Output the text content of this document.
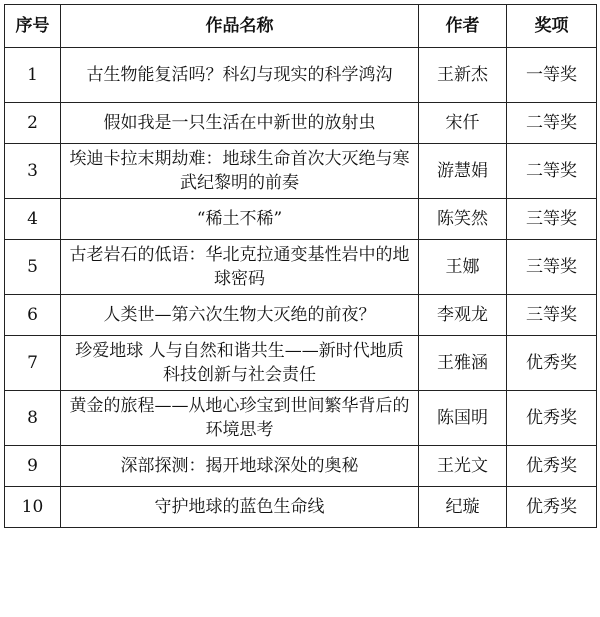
序号	作品名称	作者	奖项
1	古生物能复活吗？科幻与现实的科学鸿沟	王新杰	一等奖
2	假如我是一只生活在中新世的放射虫	宋仟	二等奖
3	埃迪卡拉末期劫难：地球生命首次大灭绝与寒武纪黎明的前奏	游慧娟	二等奖
4	“稀土不稀”	陈笑然	三等奖
5	古老岩石的低语：华北克拉通变基性岩中的地球密码	王娜	三等奖
6	人类世—第六次生物大灭绝的前夜？	李观龙	三等奖
7	珍爱地球 人与自然和谐共生——新时代地质科技创新与社会责任	王雅涵	优秀奖
8	黄金的旅程——从地心珍宝到世间繁华背后的环境思考	陈国明	优秀奖
9	深部探测：揭开地球深处的奥秘	王光文	优秀奖
10	守护地球的蓝色生命线	纪璇	优秀奖
